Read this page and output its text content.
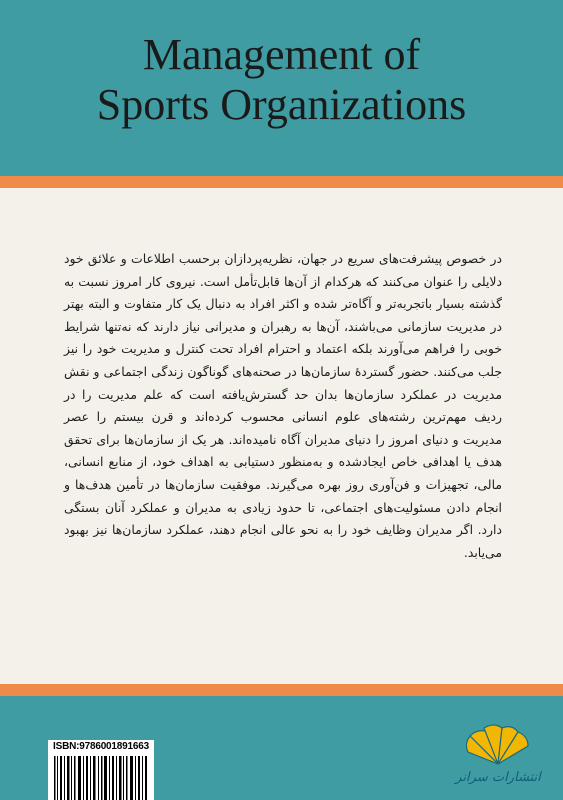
Management of
Sports Organizations
در خصوص پیشرفت‌های سریع در جهان، نظریه‌پردازان برحسب اطلاعات و علائق خود دلایلی را عنوان می‌کنند که هرکدام از آن‌ها قابل‌تأمل است. نیروی کار امروز نسبت به گذشته بسیار باتجربه‌تر و آگاه‌تر شده و اکثر افراد به دنبال یک کار متفاوت و البته بهتر در مدیریت سازمانی می‌باشند، آن‌ها به رهبران و مدیرانی نیاز دارند که نه‌تنها شرایط خوبی را فراهم می‌آورند بلکه اعتماد و احترام افراد تحت کنترل و مدیریت خود را نیز جلب می‌کنند. حضور گستردهٔ سازمان‌ها در صحنه‌های گوناگون زندگی اجتماعی و نقش مدیریت در عملکرد سازمان‌ها بدان حد گسترش‌یافته است که علم مدیریت را در ردیف مهم‌ترین رشته‌های علوم انسانی محسوب کرده‌اند و قرن بیستم را عصر مدیریت و دنیای امروز را دنیای مدیران آگاه نامیده‌اند. هر یک از سازمان‌ها برای تحقق هدف یا اهدافی خاص ایجادشده و به‌منظور دستیابی به اهداف خود، از منابع انسانی، مالی، تجهیزات و فن‌آوری روز بهره می‌گیرند. موفقیت سازمان‌ها در تأمین هدف‌ها و انجام دادن مسئولیت‌های اجتماعی، تا حدود زیادی به مدیران و عملکرد آنان بستگی دارد. اگر مدیران وظایف خود را به نحو عالی انجام دهند، عملکرد سازمان‌ها نیز بهبود می‌یابد.
ISBN:9786001891663
انتشارات سرانر
